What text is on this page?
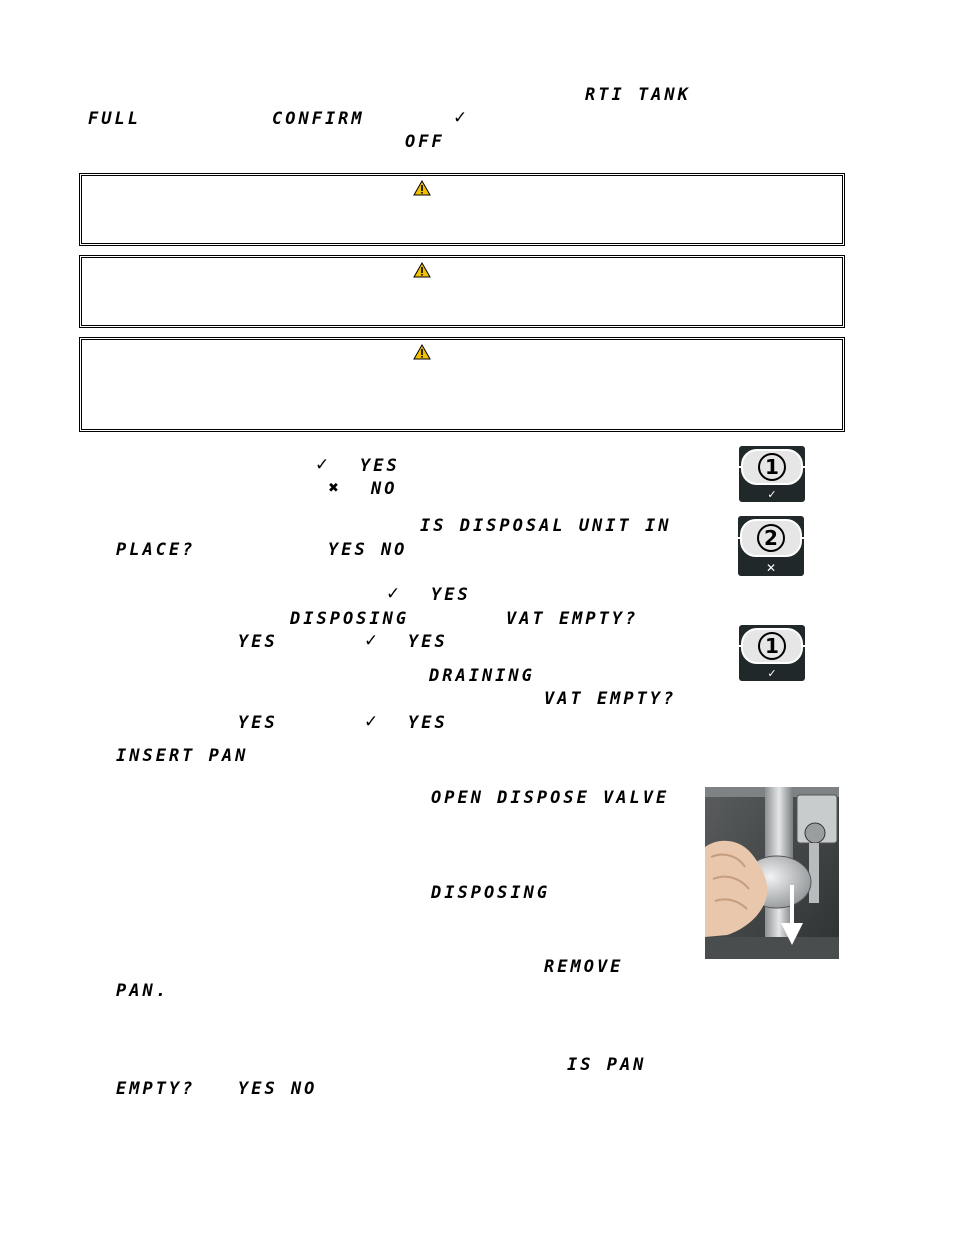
RTI TANK
FULL	CONFIRM	✓
OFF
✓ YES
✖ NO
IS DISPOSAL UNIT IN
PLACE?	YES NO
✓ YES
DISPOSING	VAT EMPTY?
YES	✓ YES
DRAINING
VAT EMPTY?
YES	✓ YES
INSERT PAN
OPEN DISPOSE VALVE
DISPOSING
REMOVE
PAN.
IS PAN
EMPTY?	YES NO
1
✓
2
✕
1
✓
